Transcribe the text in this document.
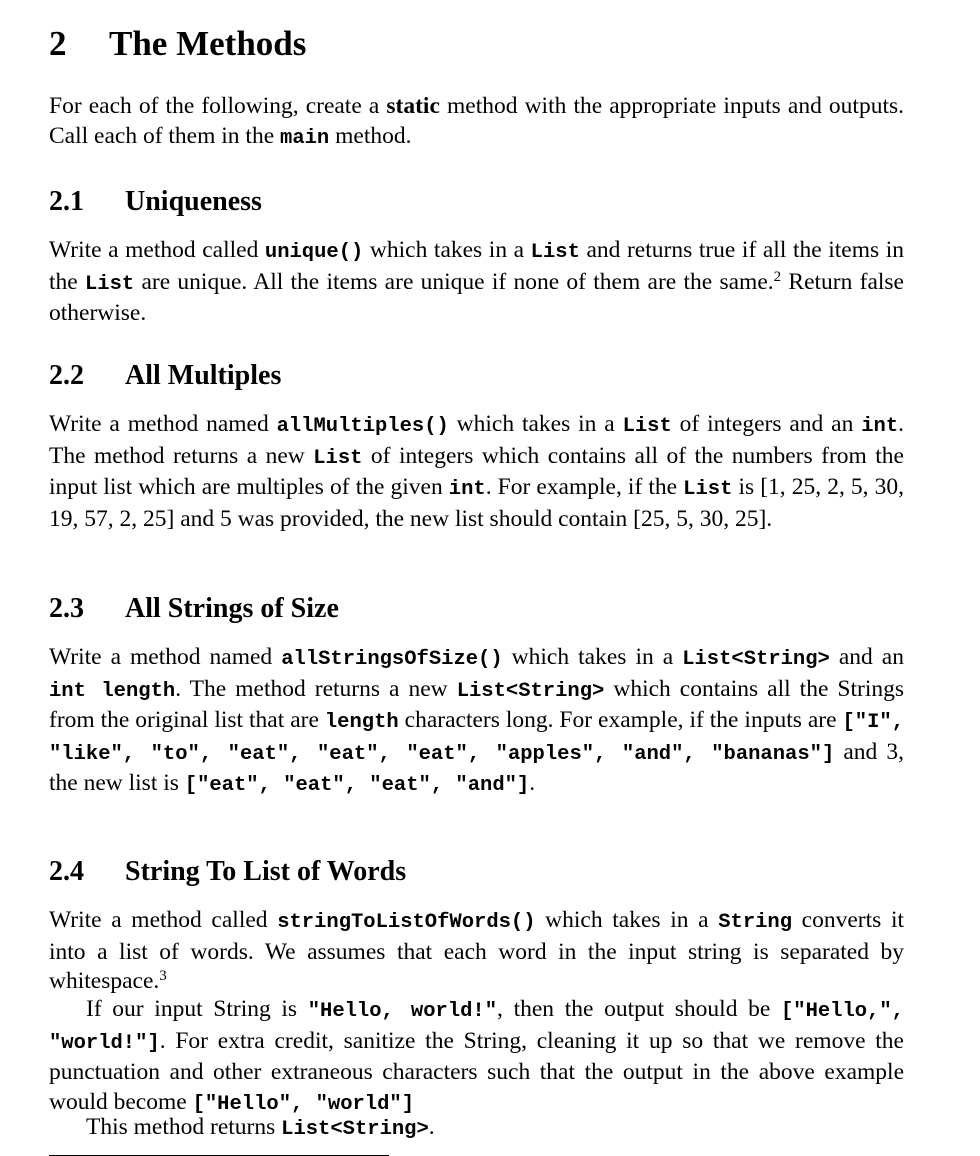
2 The Methods

For each of the following, create a static method with the appropriate inputs and outputs. Call each of them in the main method.

2.1 Uniqueness

Write a method called unique() which takes in a List and returns true if all the items in the List are unique. All the items are unique if none of them are the same.$^2$ Return false otherwise.

2.2 All Multiples

Write a method named allMultiples() which takes in a List of integers and an int. The method returns a new List of integers which contains all of the numbers from the input list which are multiples of the given int. For example, if the List is [1, 25, 2, 5, 30, 19, 57, 2, 25] and 5 was provided, the new list should contain [25, 5, 30, 25].

2.3 All Strings of Size

Write a method named allStringsOfSize() which takes in a List<String> and an int length. The method returns a new List<String> which contains all the Strings from the original list that are length characters long. For example, if the inputs are ["I", "like", "to", "eat", "eat", "eat", "apples", "and", "bananas"] and 3, the new list is ["eat", "eat", "eat", "and"].

2.4 String To List of Words

Write a method called stringToListOfWords() which takes in a String converts it into a list of words. We assumes that each word in the input string is separated by whitespace.$^3$

If our input String is "Hello, world!", then the output should be ["Hello,", "world!"]. For extra credit, sanitize the String, cleaning it up so that we remove the punctuation and other extraneous characters such that the output in the above example would become ["Hello", "world"]

This method returns List<String>.
